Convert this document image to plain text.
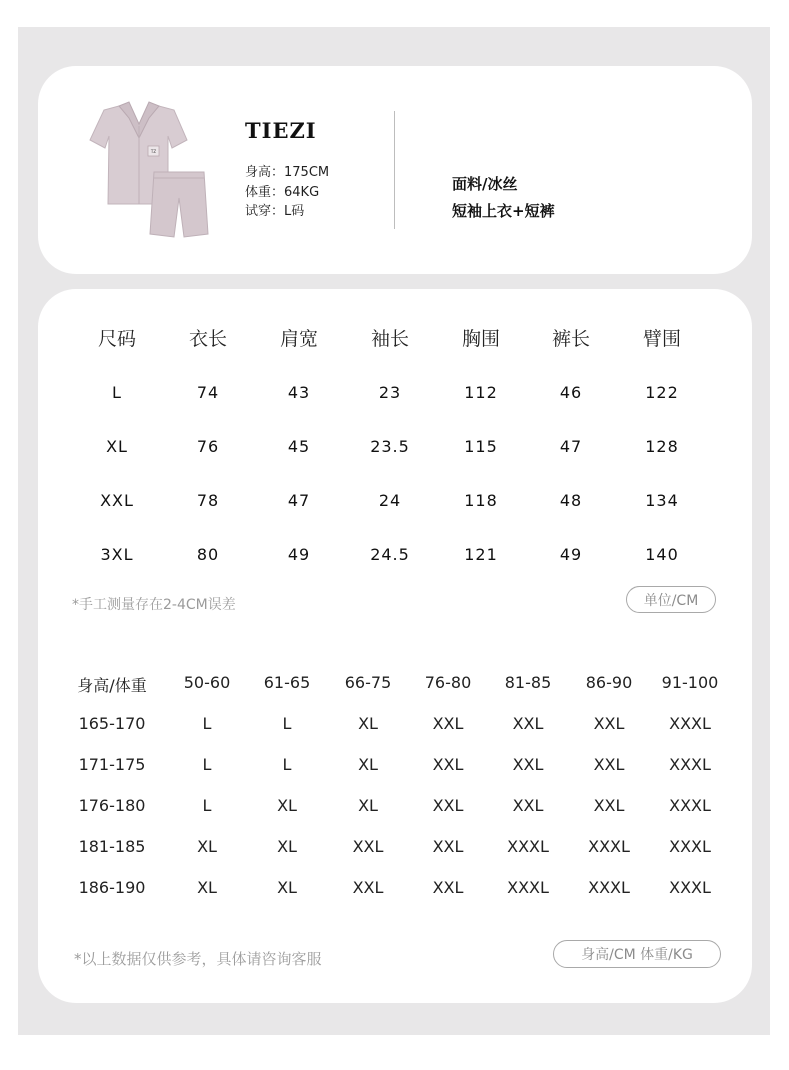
TZ
TIEZI
身高：175CM
体重：64KG
试穿：L码
面料/冰丝
短袖上衣+短裤
尺码	衣长	肩宽	袖长	胸围	裤长	臂围
L	74	43	23	112	46	122
XL	76	45	23.5	115	47	128
XXL	78	47	24	118	48	134
3XL	80	49	24.5	121	49	140
*手工测量存在2-4CM误差	单位/CM
身高/体重 50-60 61-65 66-75 76-80 81-85 86-90 91-100
165-170	L	L	XL	XXL	XXL	XXL	XXXL
171-175	L	L	XL	XXL	XXL	XXL	XXXL
176-180	L	XL	XL	XXL	XXL	XXL	XXXL
181-185	XL	XL	XXL	XXL	XXXL XXXL XXXL
186-190	XL	XL	XXL	XXL	XXXL XXXL XXXL
*以上数据仅供参考，具体请咨询客服	身高/CM 体重/KG
